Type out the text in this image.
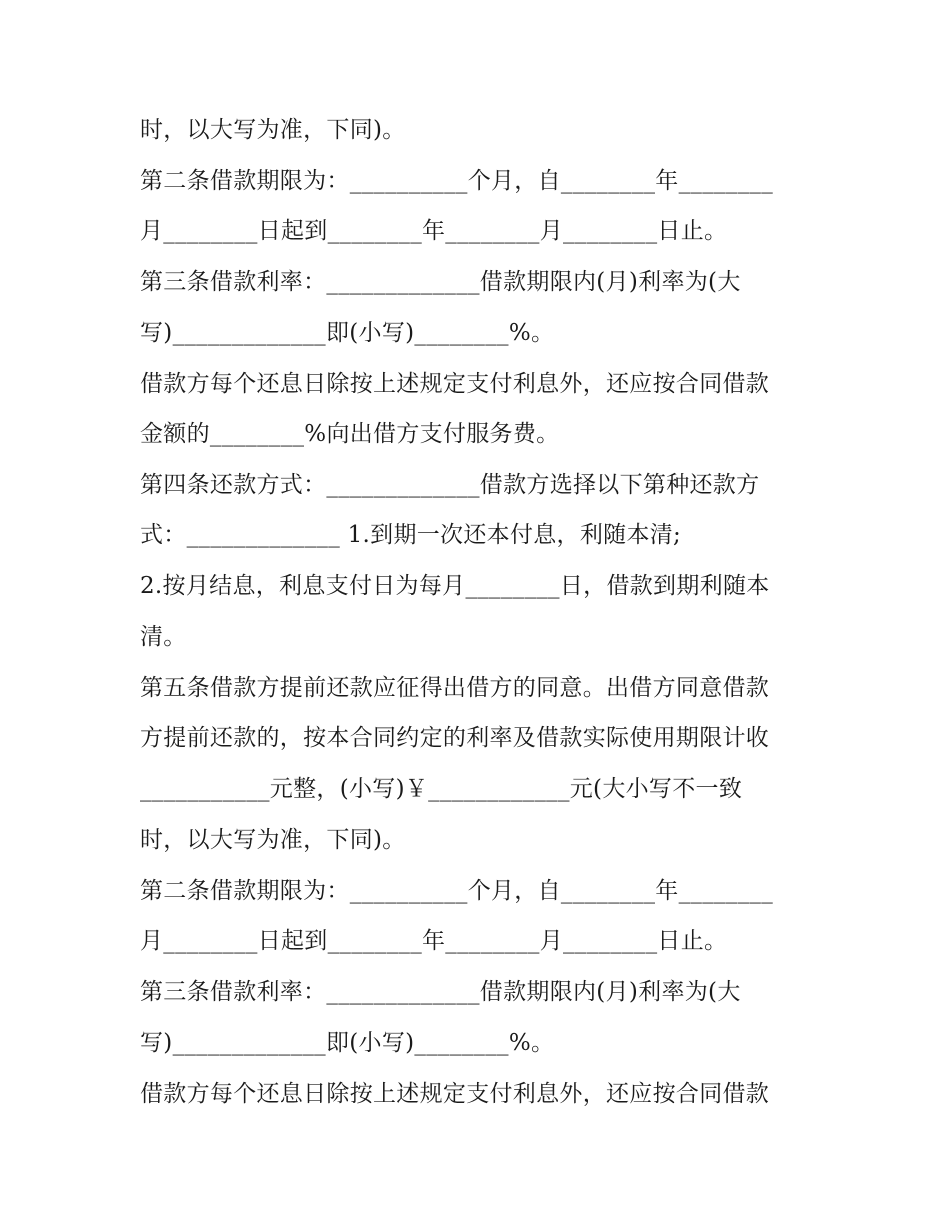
时，以大写为准，下同)。
第二条借款期限为：__________个月，自________年________
月________日起到________年________月________日止。
第三条借款利率：_____________借款期限内(月)利率为(大
写)_____________即(小写)________%。
借款方每个还息日除按上述规定支付利息外，还应按合同借款
金额的________%向出借方支付服务费。
第四条还款方式：_____________借款方选择以下第种还款方
式：_____________ 1.到期一次还本付息，利随本清;
2.按月结息，利息支付日为每月________日，借款到期利随本
清。
第五条借款方提前还款应征得出借方的同意。出借方同意借款
方提前还款的，按本合同约定的利率及借款实际使用期限计收
___________元整，(小写)￥____________元(大小写不一致
时，以大写为准，下同)。
第二条借款期限为：__________个月，自________年________
月________日起到________年________月________日止。
第三条借款利率：_____________借款期限内(月)利率为(大
写)_____________即(小写)________%。
借款方每个还息日除按上述规定支付利息外，还应按合同借款
